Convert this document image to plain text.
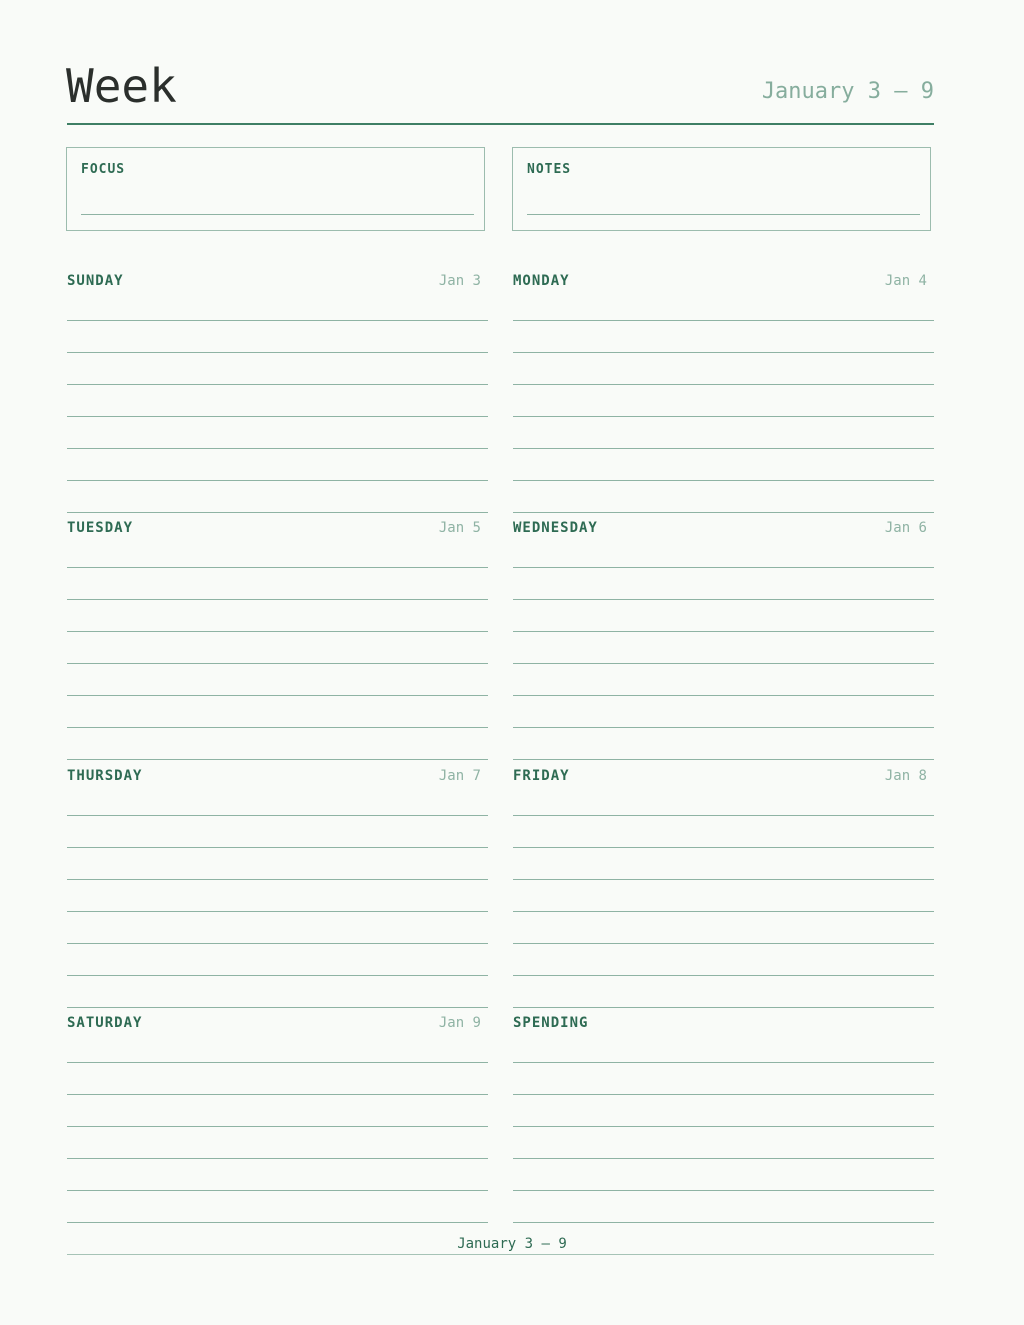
Week	January 3 – 9
FOCUS	NOTES
SUNDAY	Jan 3 MONDAY	Jan 4
TUESDAY	Jan 5 WEDNESDAY	Jan 6
THURSDAY	Jan 7 FRIDAY	Jan 8
SATURDAY	Jan 9 SPENDING
January 3 – 9
